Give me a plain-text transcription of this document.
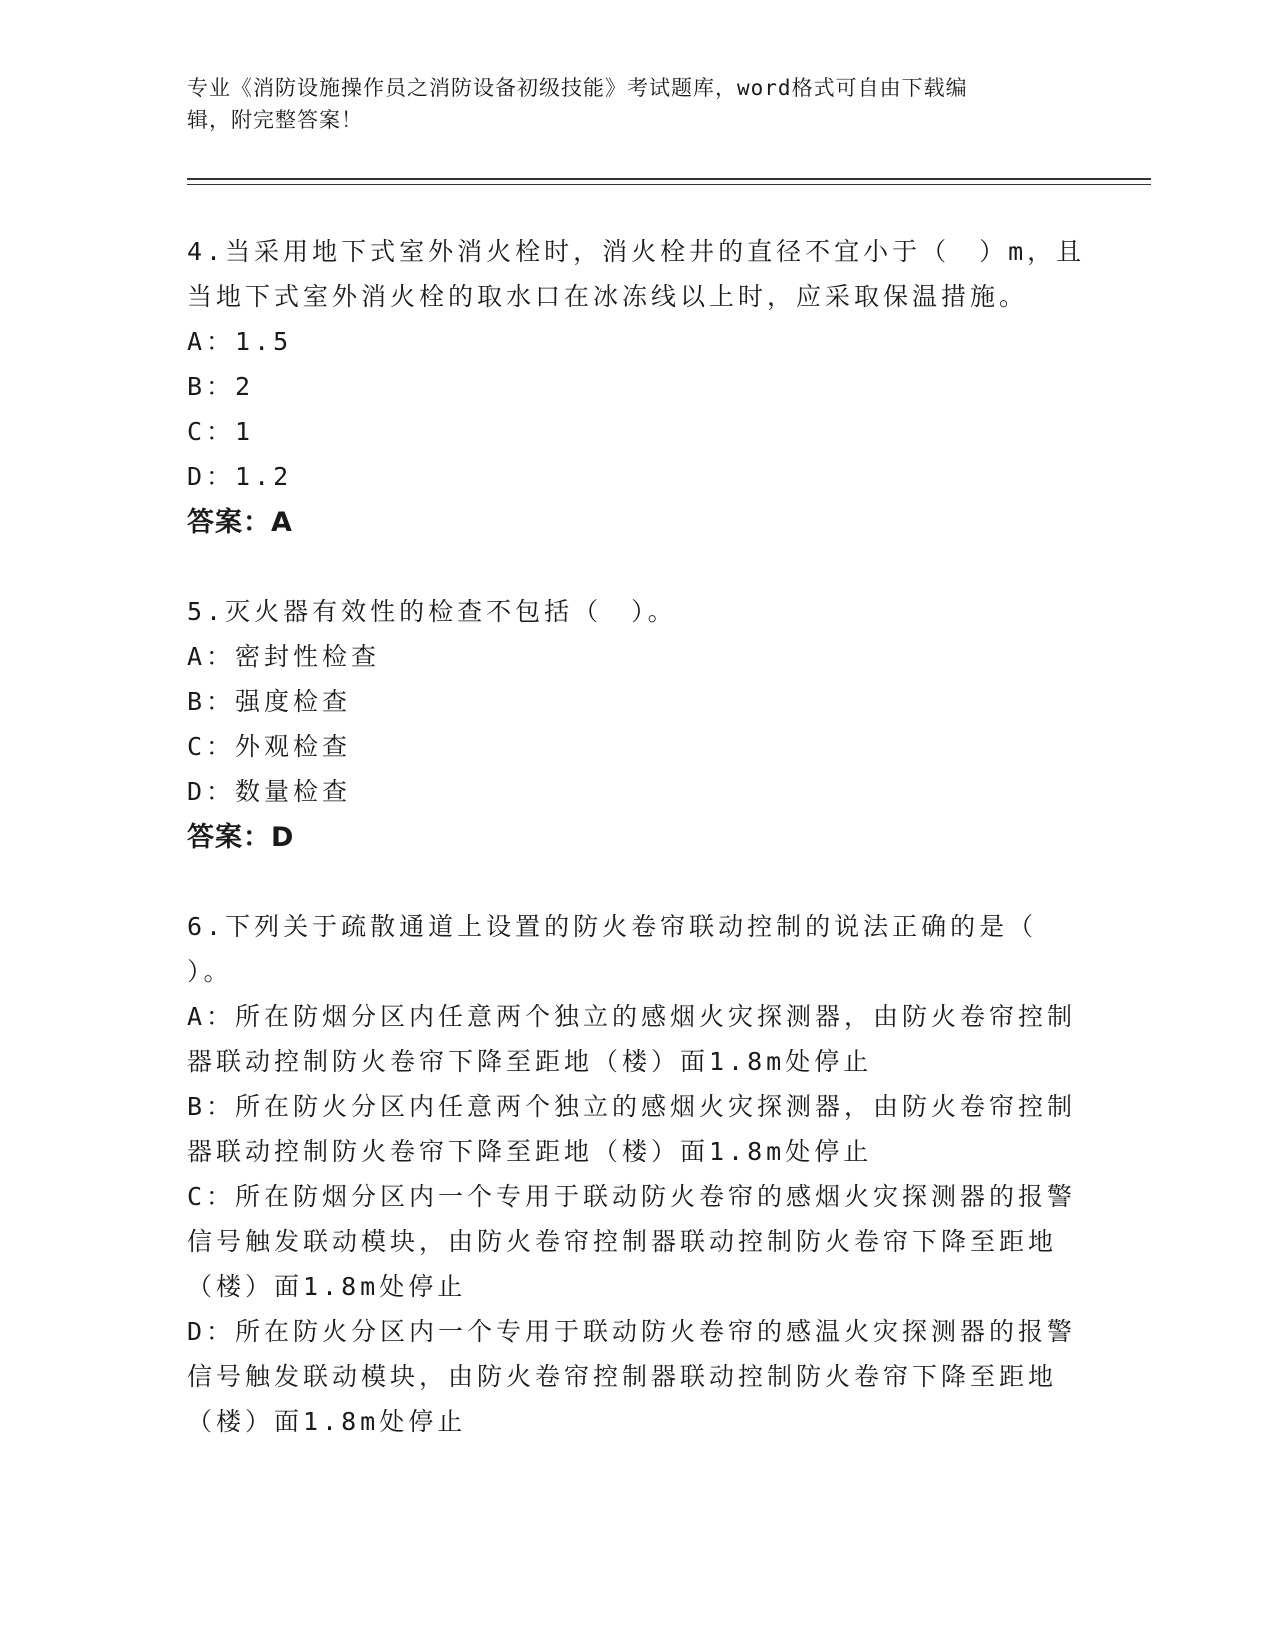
专业《消防设施操作员之消防设备初级技能》考试题库，word格式可自由下载编
辑，附完整答案！
4.当采用地下式室外消火栓时，消火栓井的直径不宜小于（　）m，且
当地下式室外消火栓的取水口在冰冻线以上时，应采取保温措施。
A：1.5
B：2
C：1
D：1.2
答案：A
5.灭火器有效性的检查不包括（　）。
A：密封性检查
B：强度检查
C：外观检查
D：数量检查
答案：D
6.下列关于疏散通道上设置的防火卷帘联动控制的说法正确的是（
）。
A：所在防烟分区内任意两个独立的感烟火灾探测器，由防火卷帘控制
器联动控制防火卷帘下降至距地（楼）面1.8m处停止
B：所在防火分区内任意两个独立的感烟火灾探测器，由防火卷帘控制
器联动控制防火卷帘下降至距地（楼）面1.8m处停止
C：所在防烟分区内一个专用于联动防火卷帘的感烟火灾探测器的报警
信号触发联动模块，由防火卷帘控制器联动控制防火卷帘下降至距地
（楼）面1.8m处停止
D：所在防火分区内一个专用于联动防火卷帘的感温火灾探测器的报警
信号触发联动模块，由防火卷帘控制器联动控制防火卷帘下降至距地
（楼）面1.8m处停止
